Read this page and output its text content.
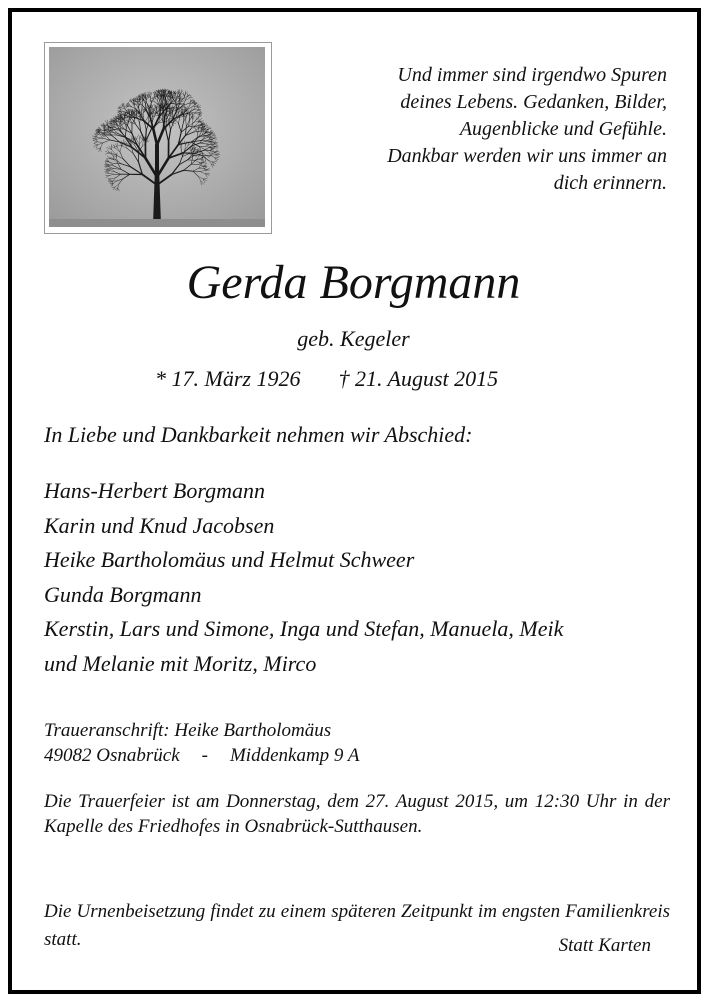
Und immer sind irgendwo Spuren
deines Lebens. Gedanken, Bilder,
Augenblicke und Gefühle.
Dankbar werden wir uns immer an
dich erinnern.
Gerda Borgmann
geb. Kegeler
* 17. März 1926 † 21. August 2015
In Liebe und Dankbarkeit nehmen wir Abschied:
Hans-Herbert Borgmann
Karin und Knud Jacobsen
Heike Bartholomäus und Helmut Schweer
Gunda Borgmann
Kerstin, Lars und Simone, Inga und Stefan, Manuela, Meik
und Melanie mit Moritz, Mirco
Traueranschrift: Heike Bartholomäus
49082 Osnabrück - Middenkamp 9 A
Die Trauerfeier ist am Donnerstag, dem 27. August 2015, um 12:30 Uhr in der Kapelle des Friedhofes in Osnabrück-Sutthausen.
Die Urnenbeisetzung findet zu einem späteren Zeitpunkt im engsten Familienkreis statt.	Statt Karten
